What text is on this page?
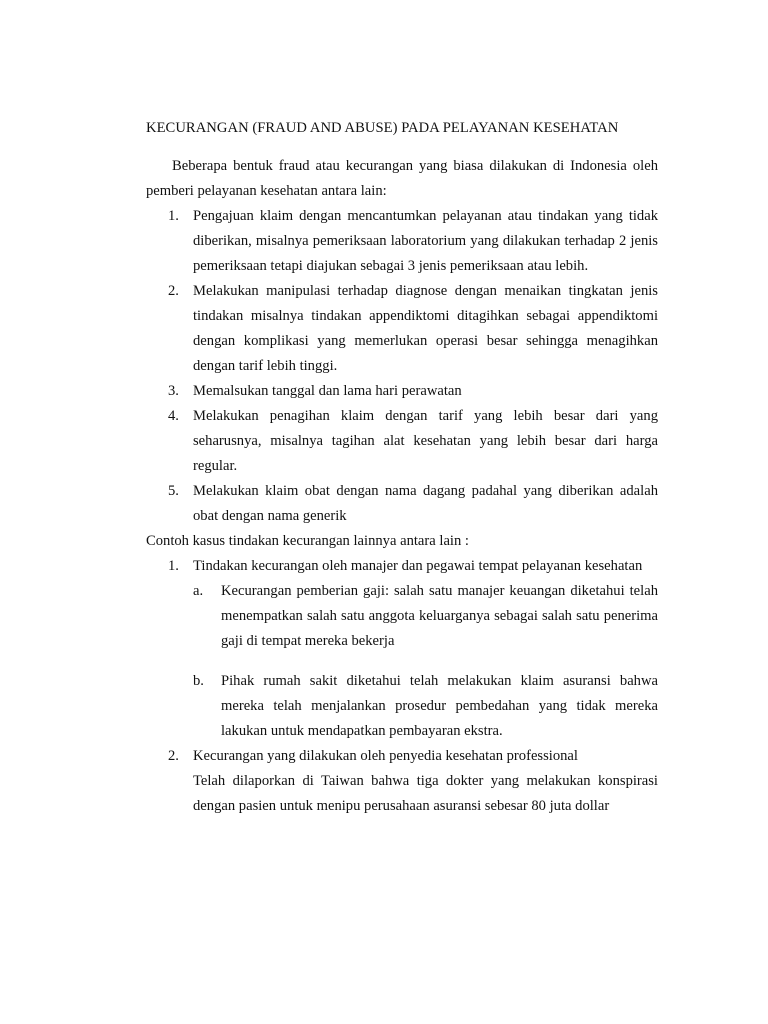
KECURANGAN (FRAUD AND ABUSE) PADA PELAYANAN KESEHATAN

Beberapa bentuk fraud atau kecurangan yang biasa dilakukan di Indonesia oleh pemberi pelayanan kesehatan antara lain:

1. Pengajuan klaim dengan mencantumkan pelayanan atau tindakan yang tidak diberikan, misalnya pemeriksaan laboratorium yang dilakukan terhadap 2 jenis pemeriksaan tetapi diajukan sebagai 3 jenis pemeriksaan atau lebih.
2. Melakukan manipulasi terhadap diagnose dengan menaikan tingkatan jenis tindakan misalnya tindakan appendiktomi ditagihkan sebagai appendiktomi dengan komplikasi yang memerlukan operasi besar sehingga menagihkan dengan tarif lebih tinggi.
3. Memalsukan tanggal dan lama hari perawatan
4. Melakukan penagihan klaim dengan tarif yang lebih besar dari yang seharusnya, misalnya tagihan alat kesehatan yang lebih besar dari harga regular.
5. Melakukan klaim obat dengan nama dagang padahal yang diberikan adalah obat dengan nama generik

Contoh kasus tindakan kecurangan lainnya antara lain :

1. Tindakan kecurangan oleh manajer dan pegawai tempat pelayanan kesehatan
a. Kecurangan pemberian gaji: salah satu manajer keuangan diketahui telah menempatkan salah satu anggota keluarganya sebagai salah satu penerima gaji di tempat mereka bekerja
b. Pihak rumah sakit diketahui telah melakukan klaim asuransi bahwa mereka telah menjalankan prosedur pembedahan yang tidak mereka lakukan untuk mendapatkan pembayaran ekstra.
2. Kecurangan yang dilakukan oleh penyedia kesehatan professional

Telah dilaporkan di Taiwan bahwa tiga dokter yang melakukan konspirasi dengan pasien untuk menipu perusahaan asuransi sebesar 80 juta dollar
